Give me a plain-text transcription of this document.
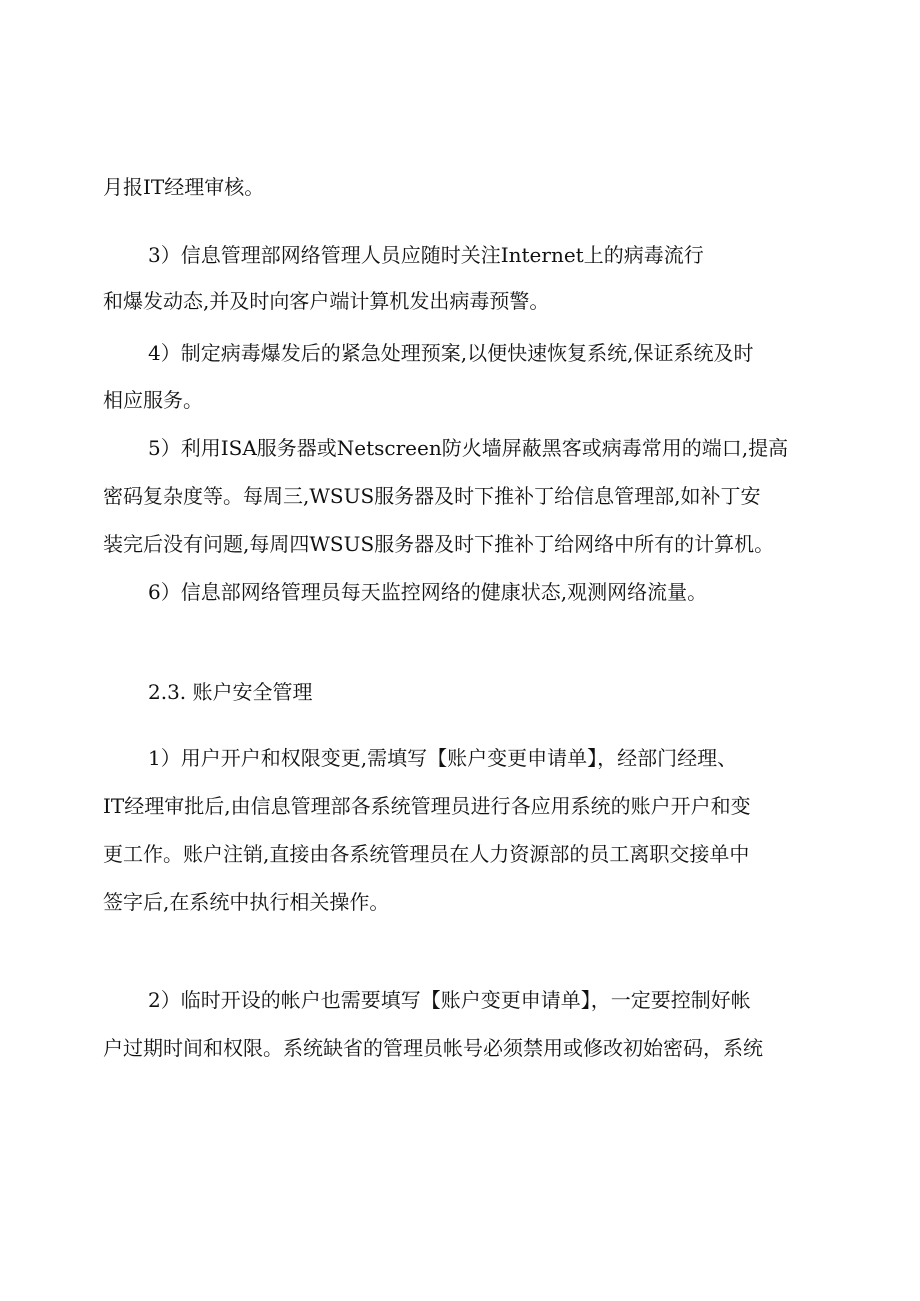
月报IT经理审核。
3）信息管理部网络管理人员应随时关注Internet上的病毒流行
和爆发动态,并及时向客户端计算机发出病毒预警。
4）制定病毒爆发后的紧急处理预案,以便快速恢复系统,保证系统及时
相应服务。
5）利用ISA服务器或Netscreen防火墙屏蔽黑客或病毒常用的端口,提高
密码复杂度等。每周三,WSUS服务器及时下推补丁给信息管理部,如补丁安
装完后没有问题,每周四WSUS服务器及时下推补丁给网络中所有的计算机。
6）信息部网络管理员每天监控网络的健康状态,观测网络流量。
2.3. 账户安全管理
1）用户开户和权限变更,需填写【账户变更申请单】，经部门经理、
IT经理审批后,由信息管理部各系统管理员进行各应用系统的账户开户和变
更工作。账户注销,直接由各系统管理员在人力资源部的员工离职交接单中
签字后,在系统中执行相关操作。
2）临时开设的帐户也需要填写【账户变更申请单】，一定要控制好帐
户过期时间和权限。系统缺省的管理员帐号必须禁用或修改初始密码，系统
